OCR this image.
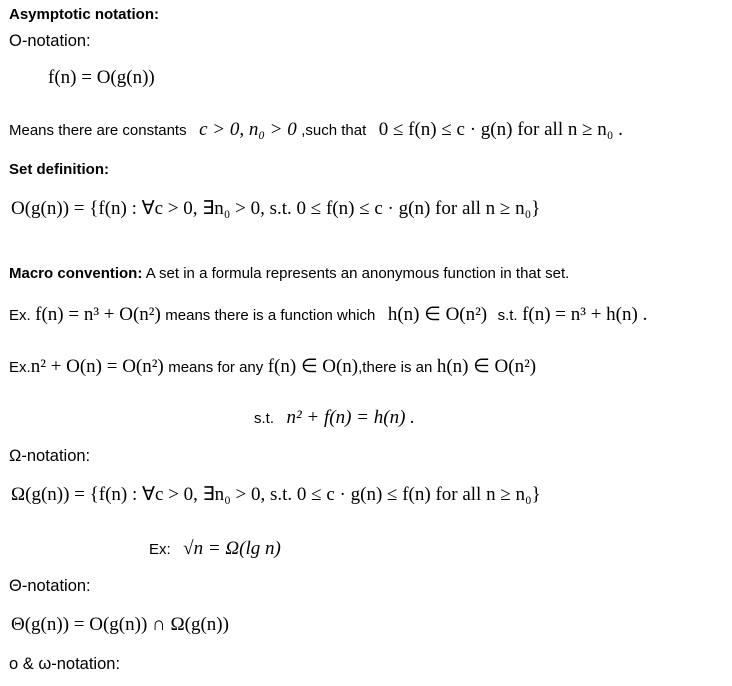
Asymptotic notation:
O-notation:
f(n) = O(g(n))
Means there are constants c > 0, n₀ > 0 ,such that 0 ≤ f(n) ≤ c · g(n) for all n ≥ n₀ .
Set definition:
O(g(n)) = {f(n) : ∀c > 0, ∃n₀ > 0, s.t. 0 ≤ f(n) ≤ c · g(n) for all n ≥ n₀}
Macro convention: A set in a formula represents an anonymous function in that set.
Ex. f(n) = n³ + O(n²) means there is a function which h(n) ∈ O(n²) s.t. f(n) = n³ + h(n) .
Ex.n² + O(n) = O(n²) means for any f(n) ∈ O(n),there is an h(n) ∈ O(n²)
s.t. n² + f(n) = h(n) .
Ω-notation:
Ω(g(n)) = {f(n) : ∀c > 0, ∃n₀ > 0, s.t. 0 ≤ c · g(n) ≤ f(n) for all n ≥ n₀}
Ex: √n = Ω(lg n)
Θ-notation:
Θ(g(n)) = O(g(n)) ∩ Ω(g(n))
o & ω-notation:
